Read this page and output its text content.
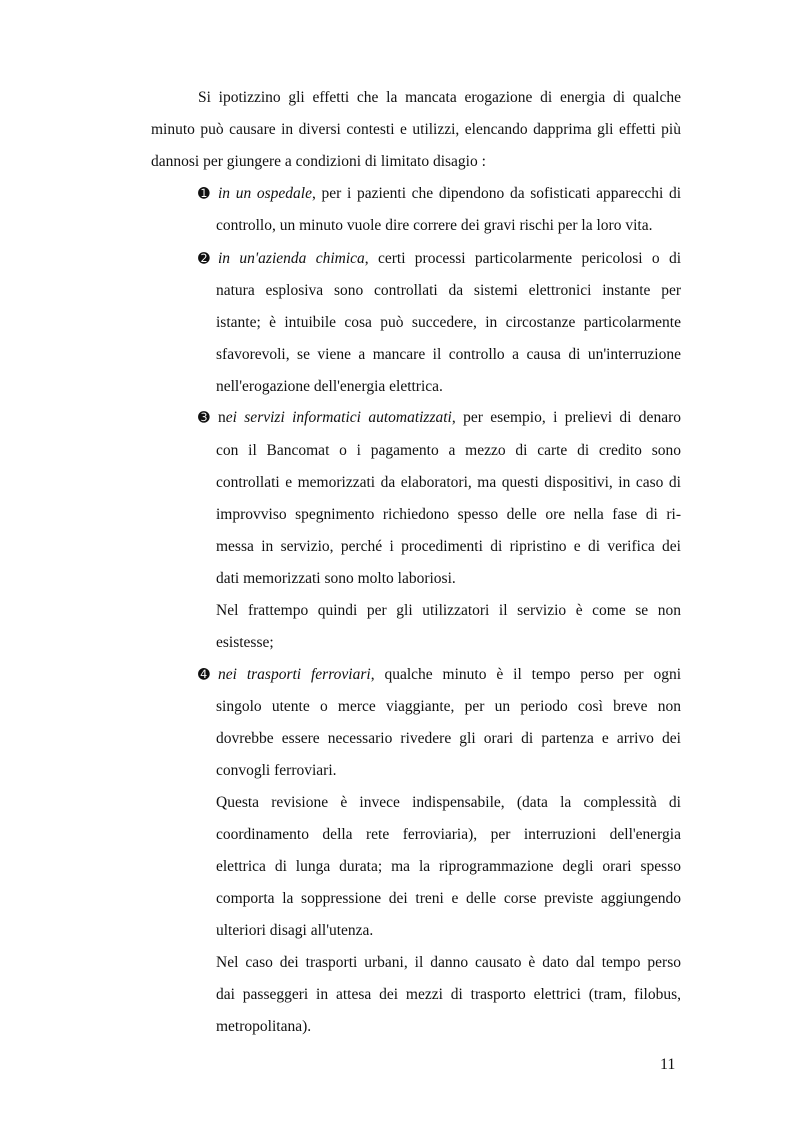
Si ipotizzino gli effetti che la mancata erogazione di energia di qualche
minuto può causare in diversi contesti e utilizzi, elencando dapprima gli effetti più
dannosi per giungere a condizioni di limitato disagio :
➊ in un ospedale, per i pazienti che dipendono da sofisticati apparecchi di
controllo, un minuto vuole dire correre dei gravi rischi per la loro vita.
➋ in un'azienda chimica, certi processi particolarmente pericolosi o di
natura esplosiva sono controllati da sistemi elettronici instante per
istante; è intuibile cosa può succedere, in circostanze particolarmente
sfavorevoli, se viene a mancare il controllo a causa di un'interruzione
nell'erogazione dell'energia elettrica.
➌ nei servizi informatici automatizzati, per esempio, i prelievi di denaro
con il Bancomat o i pagamento a mezzo di carte di credito sono
controllati e memorizzati da elaboratori, ma questi dispositivi, in caso di
improvviso spegnimento richiedono spesso delle ore nella fase di ri-
messa in servizio, perché i procedimenti di ripristino e di verifica dei
dati memorizzati sono molto laboriosi.
Nel frattempo quindi per gli utilizzatori il servizio è come se non
esistesse;
➍ nei trasporti ferroviari, qualche minuto è il tempo perso per ogni
singolo utente o merce viaggiante, per un periodo così breve non
dovrebbe essere necessario rivedere gli orari di partenza e arrivo dei
convogli ferroviari.
Questa revisione è invece indispensabile, (data la complessità di
coordinamento della rete ferroviaria), per interruzioni dell'energia
elettrica di lunga durata; ma la riprogrammazione degli orari spesso
comporta la soppressione dei treni e delle corse previste aggiungendo
ulteriori disagi all'utenza.
Nel caso dei trasporti urbani, il danno causato è dato dal tempo perso
dai passeggeri in attesa dei mezzi di trasporto elettrici (tram, filobus,
metropolitana).
11
